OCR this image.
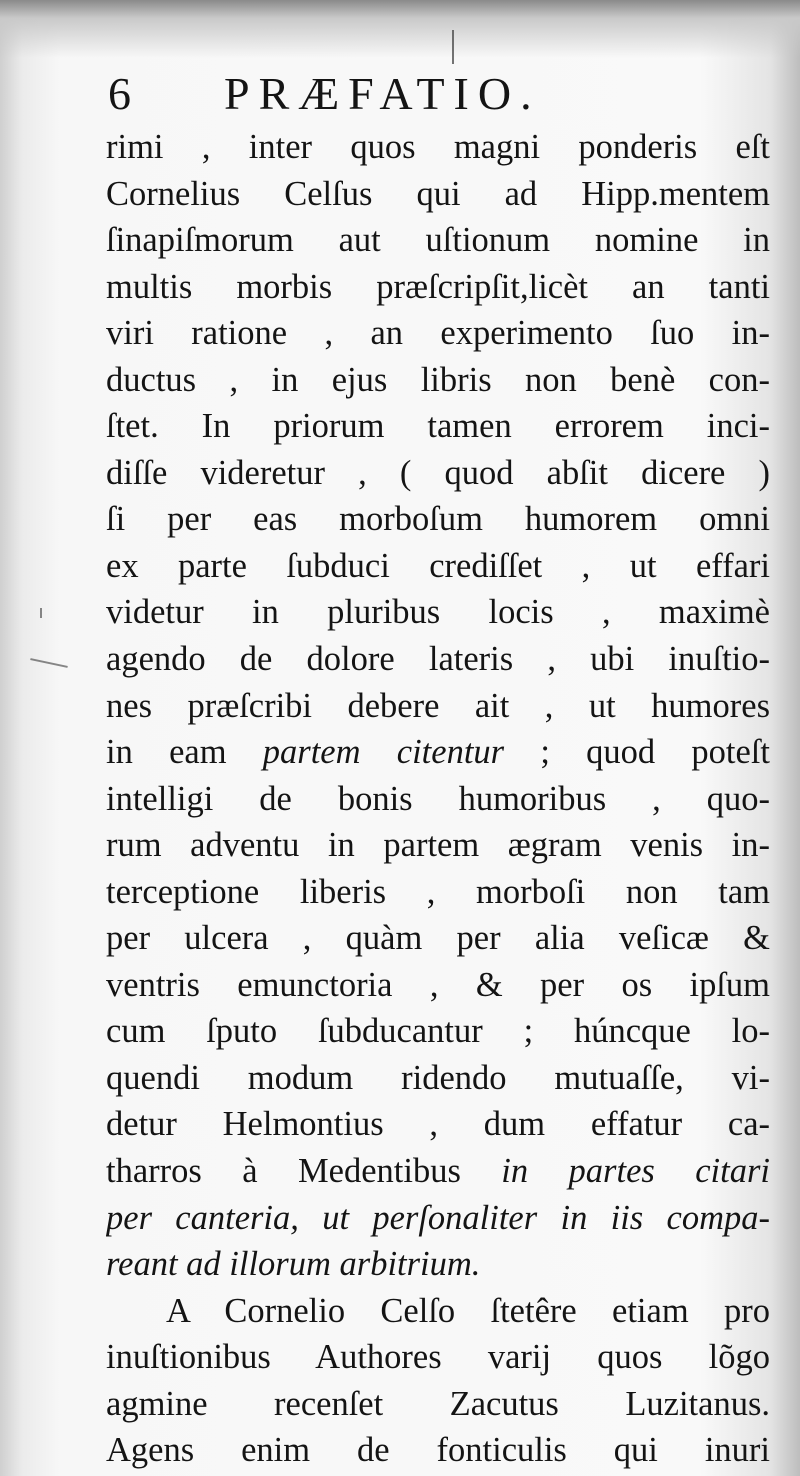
6 PRÆFATIO.
rimi , inter quos magni ponderis eſt
Cornelius Celſus qui ad Hipp.mentem
ſinapiſmorum aut uſtionum nomine in
multis morbis præſcripſit,licèt an tanti
viri ratione , an experimento ſuo in-
ductus , in ejus libris non benè con-
ſtet. In priorum tamen errorem inci-
diſſe videretur , ( quod abſit dicere )
ſi per eas morboſum humorem omni
ex parte ſubduci crediſſet , ut effari
videtur in pluribus locis , maximè
agendo de dolore lateris , ubi inuſtio-
nes præſcribi debere ait , ut humores
in eam partem citentur ; quod poteſt
intelligi de bonis humoribus , quo-
rum adventu in partem ægram venis in-
terceptione liberis , morboſi non tam
per ulcera , quàm per alia veſicæ &
ventris emunctoria , & per os ipſum
cum ſputo ſubducantur ; húncque lo-
quendi modum ridendo mutuaſſe, vi-
detur Helmontius , dum effatur ca-
tharros à Medentibus in partes citari
per canteria, ut perſonaliter in iis compa-
reant ad illorum arbitrium.
A Cornelio Celſo ſtetêre etiam pro
inuſtionibus Authores varij quos lõgo
agmine recenſet Zacutus Luzitanus.
Agens enim de fonticulis qui inuri
